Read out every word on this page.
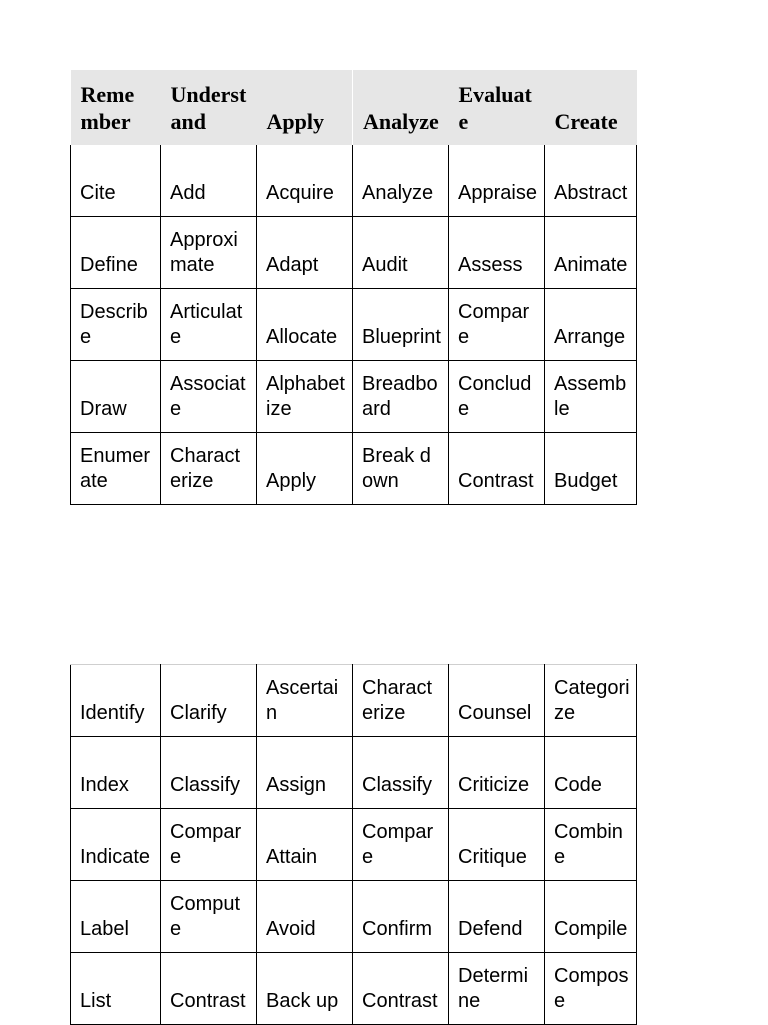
Remember	Understand	Apply	Analyze	Evaluate	Create
Cite	Add	Acquire	Analyze	Appraise	Abstract
Define	Approximate	Adapt	Audit	Assess	Animate
Describe	Articulate	Allocate	Blueprint	Compare	Arrange
Draw	Associate	Alphabetize	Breadboard	Conclude	Assemble
Enumerate	Characterize	Apply	Break down	Contrast	Budget
Identify	Clarify	Ascertain	Characterize	Counsel	Categorize
Index	Classify	Assign	Classify	Criticize	Code
Indicate	Compare	Attain	Compare	Critique	Combine
Label	Compute	Avoid	Confirm	Defend	Compile
List	Contrast	Back up	Contrast	Determine	Compose
